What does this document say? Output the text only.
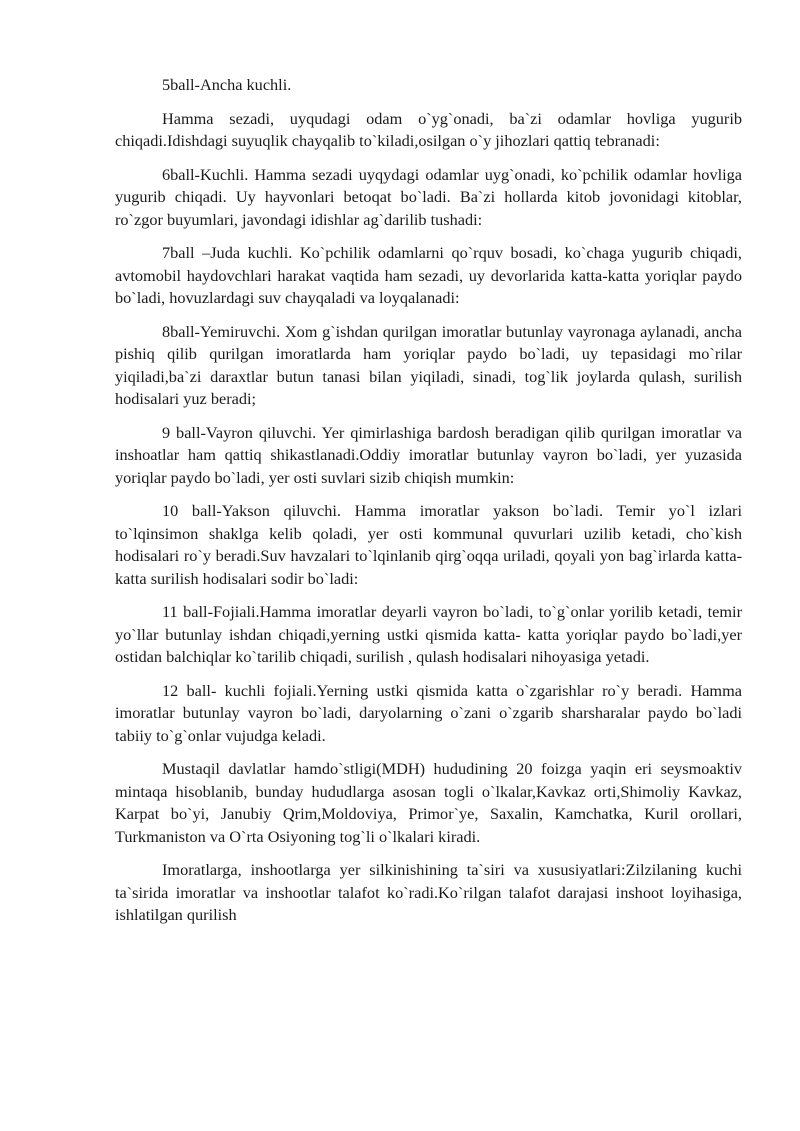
5ball-Ancha kuchli.

Hamma sezadi, uyqudagi odam o`yg`onadi, ba`zi odamlar hovliga yugurib chiqadi.Idishdagi suyuqlik chayqalib to`kiladi,osilgan o`y jihozlari qattiq tebranadi:

6ball-Kuchli. Hamma sezadi uyqydagi odamlar uyg`onadi, ko`pchilik odamlar hovliga yugurib chiqadi. Uy hayvonlari betoqat bo`ladi. Ba`zi hollarda kitob jovonidagi kitoblar, ro`zgor buyumlari, javondagi idishlar ag`darilib tushadi:

7ball –Juda kuchli. Ko`pchilik odamlarni qo`rquv bosadi, ko`chaga yugurib chiqadi, avtomobil haydovchlari harakat vaqtida ham sezadi, uy devorlarida katta-katta yoriqlar paydo bo`ladi, hovuzlardagi suv chayqaladi va loyqalanadi:

8ball-Yemiruvchi. Xom g`ishdan qurilgan imoratlar butunlay vayronaga aylanadi, ancha pishiq qilib qurilgan imoratlarda ham yoriqlar paydo bo`ladi, uy tepasidagi mo`rilar yiqiladi,ba`zi daraxtlar butun tanasi bilan yiqiladi, sinadi, tog`lik joylarda qulash, surilish hodisalari yuz beradi;

9 ball-Vayron qiluvchi. Yer qimirlashiga bardosh beradigan qilib qurilgan imoratlar va inshoatlar ham qattiq shikastlanadi.Oddiy imoratlar butunlay vayron bo`ladi, yer yuzasida yoriqlar paydo bo`ladi, yer osti suvlari sizib chiqish mumkin:

10 ball-Yakson qiluvchi. Hamma imoratlar yakson bo`ladi. Temir yo`l izlari to`lqinsimon shaklga kelib qoladi, yer osti kommunal quvurlari uzilib ketadi, cho`kish hodisalari ro`y beradi.Suv havzalari to`lqinlanib qirg`oqqa uriladi, qoyali yon bag`irlarda katta-katta surilish hodisalari sodir bo`ladi:

11 ball-Fojiali.Hamma imoratlar deyarli vayron bo`ladi, to`g`onlar yorilib ketadi, temir yo`llar butunlay ishdan chiqadi,yerning ustki qismida katta- katta yoriqlar paydo bo`ladi,yer ostidan balchiqlar ko`tarilib chiqadi, surilish , qulash hodisalari nihoyasiga yetadi.

12 ball- kuchli fojiali.Yerning ustki qismida katta o`zgarishlar ro`y beradi. Hamma imoratlar butunlay vayron bo`ladi, daryolarning o`zani o`zgarib sharsharalar paydo bo`ladi tabiiy to`g`onlar vujudga keladi.

Mustaqil davlatlar hamdo`stligi(MDH) hududining 20 foizga yaqin eri seysmoaktiv mintaqa hisoblanib, bunday hududlarga asosan togli o`lkalar,Kavkaz orti,Shimoliy Kavkaz, Karpat bo`yi, Janubiy Qrim,Moldoviya, Primor`ye, Saxalin, Kamchatka, Kuril orollari, Turkmaniston va O`rta Osiyoning tog`li o`lkalari kiradi.

Imoratlarga, inshootlarga yer silkinishining ta`siri va xususiyatlari:Zilzilaning kuchi ta`sirida imoratlar va inshootlar talafot ko`radi.Ko`rilgan talafot darajasi inshoot loyihasiga, ishlatilgan qurilish
